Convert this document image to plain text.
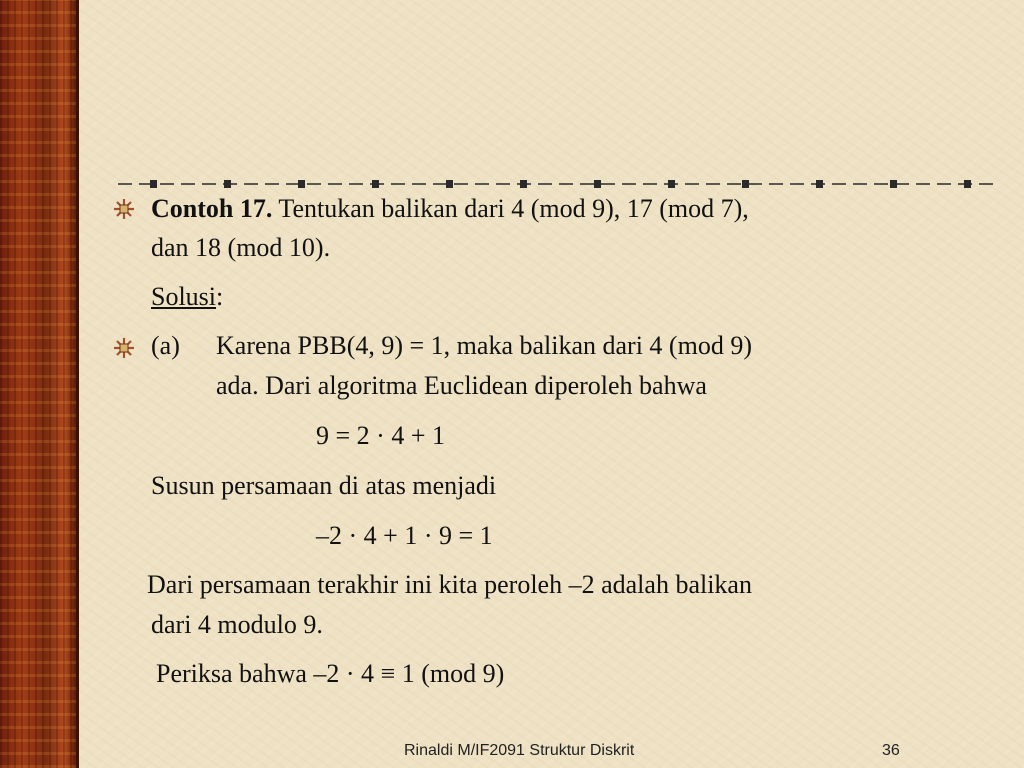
Contoh 17. Tentukan balikan dari 4 (mod 9), 17 (mod 7),
dan 18 (mod 10).
Solusi:
(a) Karena PBB(4, 9) = 1, maka balikan dari 4 (mod 9)
ada. Dari algoritma Euclidean diperoleh bahwa
9 = 2 · 4 + 1
Susun persamaan di atas menjadi
–2 · 4 + 1 · 9 = 1
Dari persamaan terakhir ini kita peroleh –2 adalah balikan
dari 4 modulo 9.
Periksa bahwa –2 · 4 ≡ 1 (mod 9)
Rinaldi M/IF2091 Struktur Diskrit	36
